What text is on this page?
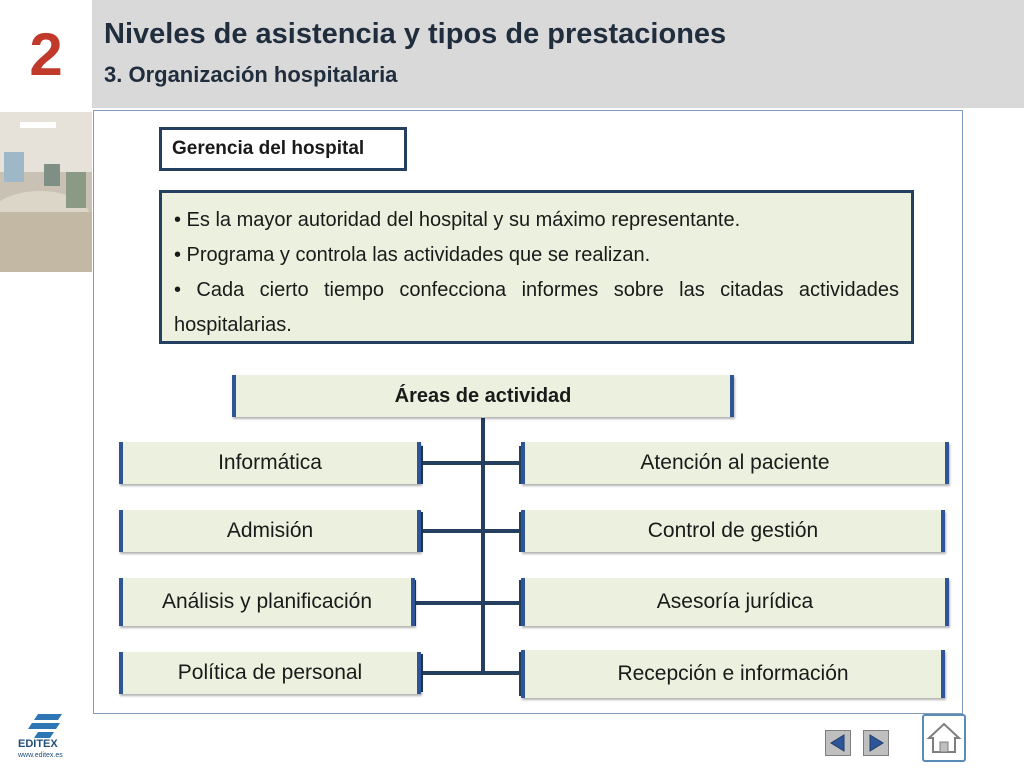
2 Niveles de asistencia y tipos de prestaciones
3. Organización hospitalaria
Gerencia del hospital

• Es la mayor autoridad del hospital y su máximo representante.

• Programa y controla las actividades que se realizan.

• Cada cierto tiempo confecciona informes sobre las citadas actividades hospitalarias.

Áreas de actividad
Informática
Admisión
Análisis y planificación
Política de personal
Atención al paciente
Control de gestión
Asesoría jurídica
Recepción e información
EDITEX
www.editex.es
